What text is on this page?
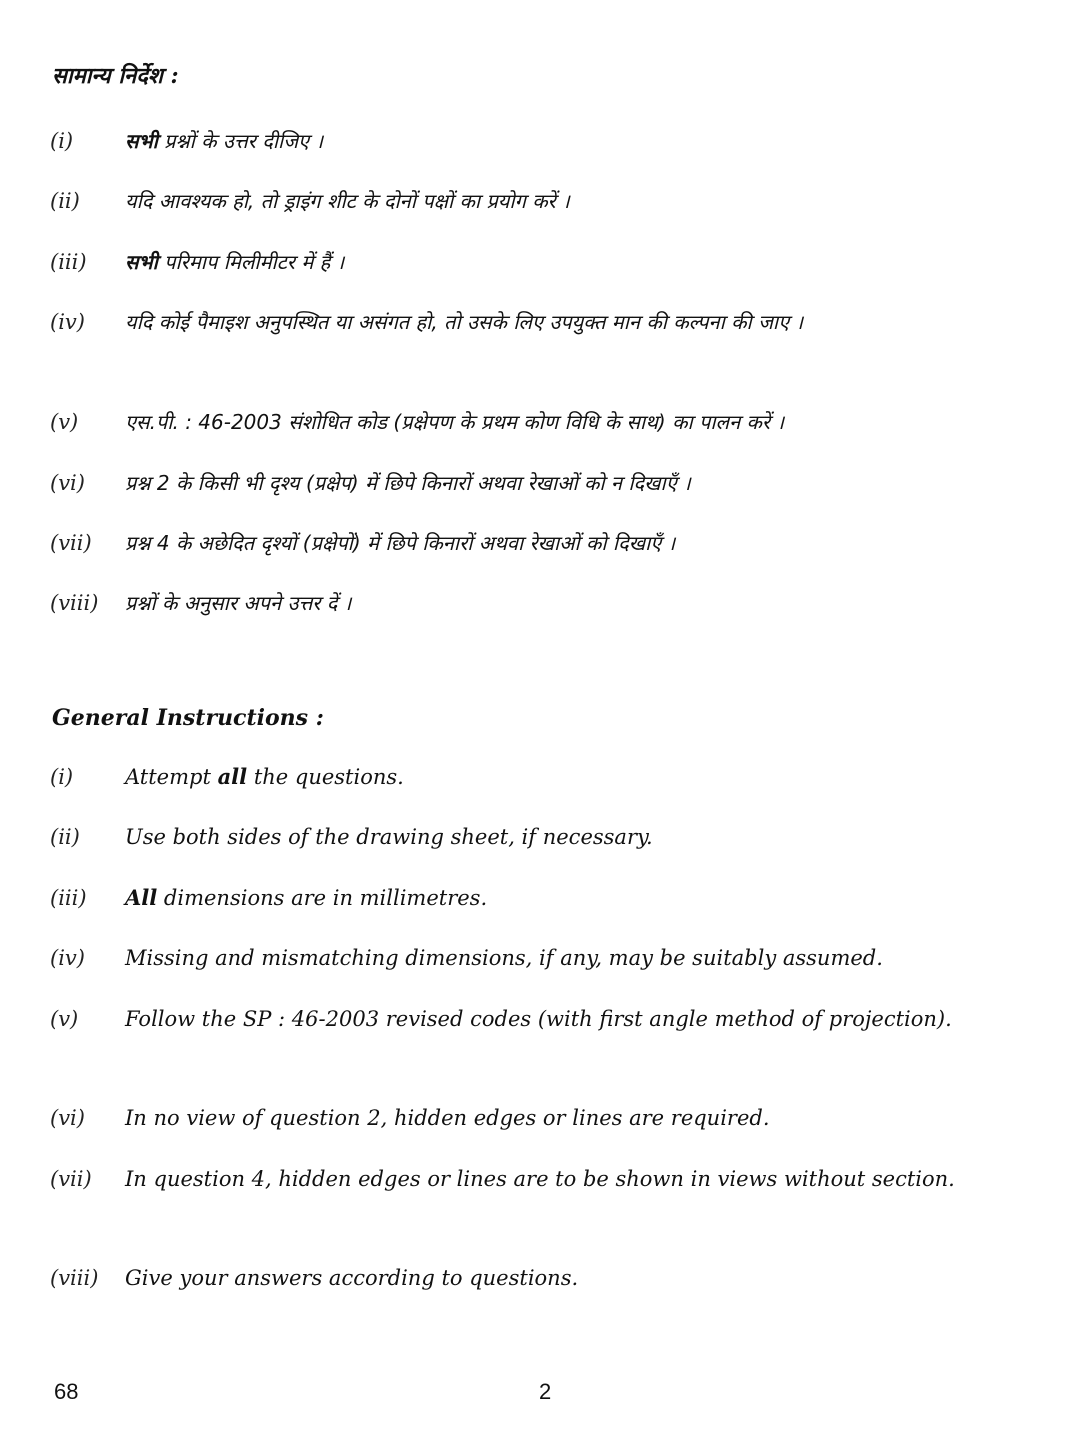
सामान्य निर्देश :
(i)	सभी प्रश्नों के उत्तर दीजिए ।
(ii) यदि आवश्यक हो, तो ड्राइंग शीट के दोनों पक्षों का प्रयोग करें ।
(iii) सभी परिमाप मिलीमीटर में हैं ।
(iv) यदि कोई पैमाइश अनुपस्थित या असंगत हो, तो उसके लिए उपयुक्त मान की कल्पना की जाए ।
(v) एस.पी. : 46-2003 संशोधित कोड (प्रक्षेपण के प्रथम कोण विधि के साथ) का पालन करें ।
(vi) प्रश्न 2 के किसी भी दृश्य (प्रक्षेप) में छिपे किनारों अथवा रेखाओं को न दिखाएँ ।
(vii) प्रश्न 4 के अछेदित दृश्यों (प्रक्षेपों) में छिपे किनारों अथवा रेखाओं को दिखाएँ ।
(viii) प्रश्नों के अनुसार अपने उत्तर दें ।
General Instructions :
(i) Attempt all the questions.
(ii) Use both sides of the drawing sheet, if necessary.
(iii) All dimensions are in millimetres.
(iv) Missing and mismatching dimensions, if any, may be suitably assumed.
(v) Follow the SP : 46-2003 revised codes (with first angle method of projection).
(vi) In no view of question 2, hidden edges or lines are required.
(vii) In question 4, hidden edges or lines are to be shown in views without section.
(viii) Give your answers according to questions.
68	2
